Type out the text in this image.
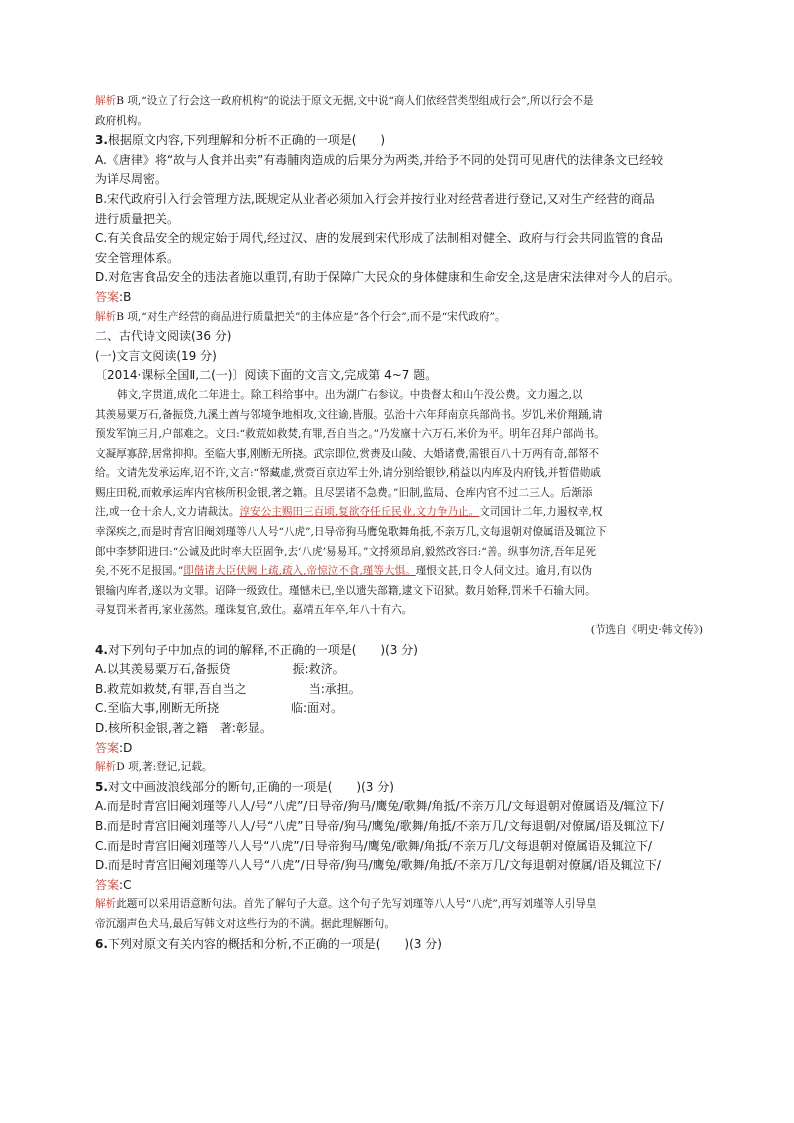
解析B 项,“设立了行会这一政府机构”的说法于原文无据,文中说“商人们依经营类型组成行会”,所以行会不是
政府机构。
3.根据原文内容,下列理解和分析不正确的一项是(　　)
A.《唐律》将“故与人食并出卖”有毒脯肉造成的后果分为两类,并给予不同的处罚可见唐代的法律条文已经较
为详尽周密。
B.宋代政府引入行会管理方法,既规定从业者必须加入行会并按行业对经营者进行登记,又对生产经营的商品
进行质量把关。
C.有关食品安全的规定始于周代,经过汉、唐的发展到宋代形成了法制相对健全、政府与行会共同监管的食品
安全管理体系。
D.对危害食品安全的违法者施以重罚,有助于保障广大民众的身体健康和生命安全,这是唐宋法律对今人的启示。
答案:B
解析B 项,“对生产经营的商品进行质量把关”的主体应是“各个行会”,而不是“宋代政府”。
二、古代诗文阅读(36 分)
(一)文言文阅读(19 分)
〔2014·课标全国Ⅱ,二(一)〕阅读下面的文言文,完成第 4~7 题。
韩文,字贯道,成化二年进士。除工科给事中。出为湖广右参议。中贵督太和山午没公费。文力遏之,以
其羡易粟万石,备振贷,九溪土酋与邻境争地相攻,文往谕,皆服。弘治十六年拜南京兵部尚书。岁饥,米价翔踊,请
预发军饷三月,户部难之。文曰:“救荒如救焚,有罪,吾自当之。”乃发廪十六万石,米价为平。明年召拜户部尚书。
文凝厚寡辞,居常抑抑。至临大事,刚断无所挠。武宗即位,赏赉及山陵、大婚诸费,需银百八十万两有奇,部帑不
给。文请先发承运库,诏不许,文言:“帑藏虚,赏赍百京边军士外,请分别给银钞,稍益以内库及内府钱,并暂借勋戚
赐庄田税,而敕承运库内官核所积金银,著之籍。且尽罢诸不急费。”旧制,监局、仓库内官不过二三人。后渐添
注,或一仓十余人,文力请裁汰。淳安公主赐田三百顷,复欲夺任丘民业,文力争乃止。文司国计二年,力遏权幸,权
幸深疾之,而是时青宫旧阉刘瑾等八人号“八虎”,日导帝狗马鹰兔歌舞角抵,不亲万几,文每退朝对僚属语及辄泣下
郎中李梦阳进曰:“公诚及此时率大臣固争,去‘八虎’易易耳。”文捋须昂肩,毅然改容曰:“善。纵事勿济,吾年足死
矣,不死不足报国。”即偕诸大臣伏阙上疏,疏入,帝惊泣不食,瑾等大惧。瑾恨文甚,日令人伺文过。逾月,有以伪
银输内库者,遂以为文罪。诏降一级致仕。瑾憾未已,坐以遗失部籍,逮文下诏狱。数月始释,罚米千石输大同。
寻复罚米者再,家业荡然。瑾诛复官,致仕。嘉靖五年卒,年八十有六。
(节选自《明史·韩文传》)
4.对下列句子中加点的词的解释,不正确的一项是(　　)(3 分)
A.以其羡易粟万石,备振贷	振:救济。
B.救荒如救焚,有罪,吾自当之	当:承担。
C.至临大事,刚断无所挠	临:面对。
D.核所积金银,著之籍　著:彰显。
答案:D
解析D 项,著:登记,记载。
5.对文中画波浪线部分的断句,正确的一项是(　　)(3 分)
A.而是时青宫旧阉刘瑾等八人/号“八虎”/日导帝/狗马/鹰兔/歌舞/角抵/不亲万几/文每退朝对僚属语及/辄泣下/
B.而是时青宫旧阉刘瑾等八人/号“八虎”日导帝/狗马/鹰兔/歌舞/角抵/不亲万几/文每退朝/对僚属/语及辄泣下/
C.而是时青宫旧阉刘瑾等八人号“八虎”/日导帝狗马/鹰兔/歌舞/角抵/不亲万几/文每退朝对僚属语及辄泣下/
D.而是时青宫旧阉刘瑾等八人号“八虎”/日导帝/狗马/鹰兔/歌舞/角抵/不亲万几/文每退朝对僚属/语及辄泣下/
答案:C
解析此题可以采用语意断句法。首先了解句子大意。这个句子先写刘瑾等八人号“八虎”,再写刘瑾等人引导皇
帝沉溺声色犬马,最后写韩文对这些行为的不满。据此理解断句。
6.下列对原文有关内容的概括和分析,不正确的一项是(　　)(3 分)
